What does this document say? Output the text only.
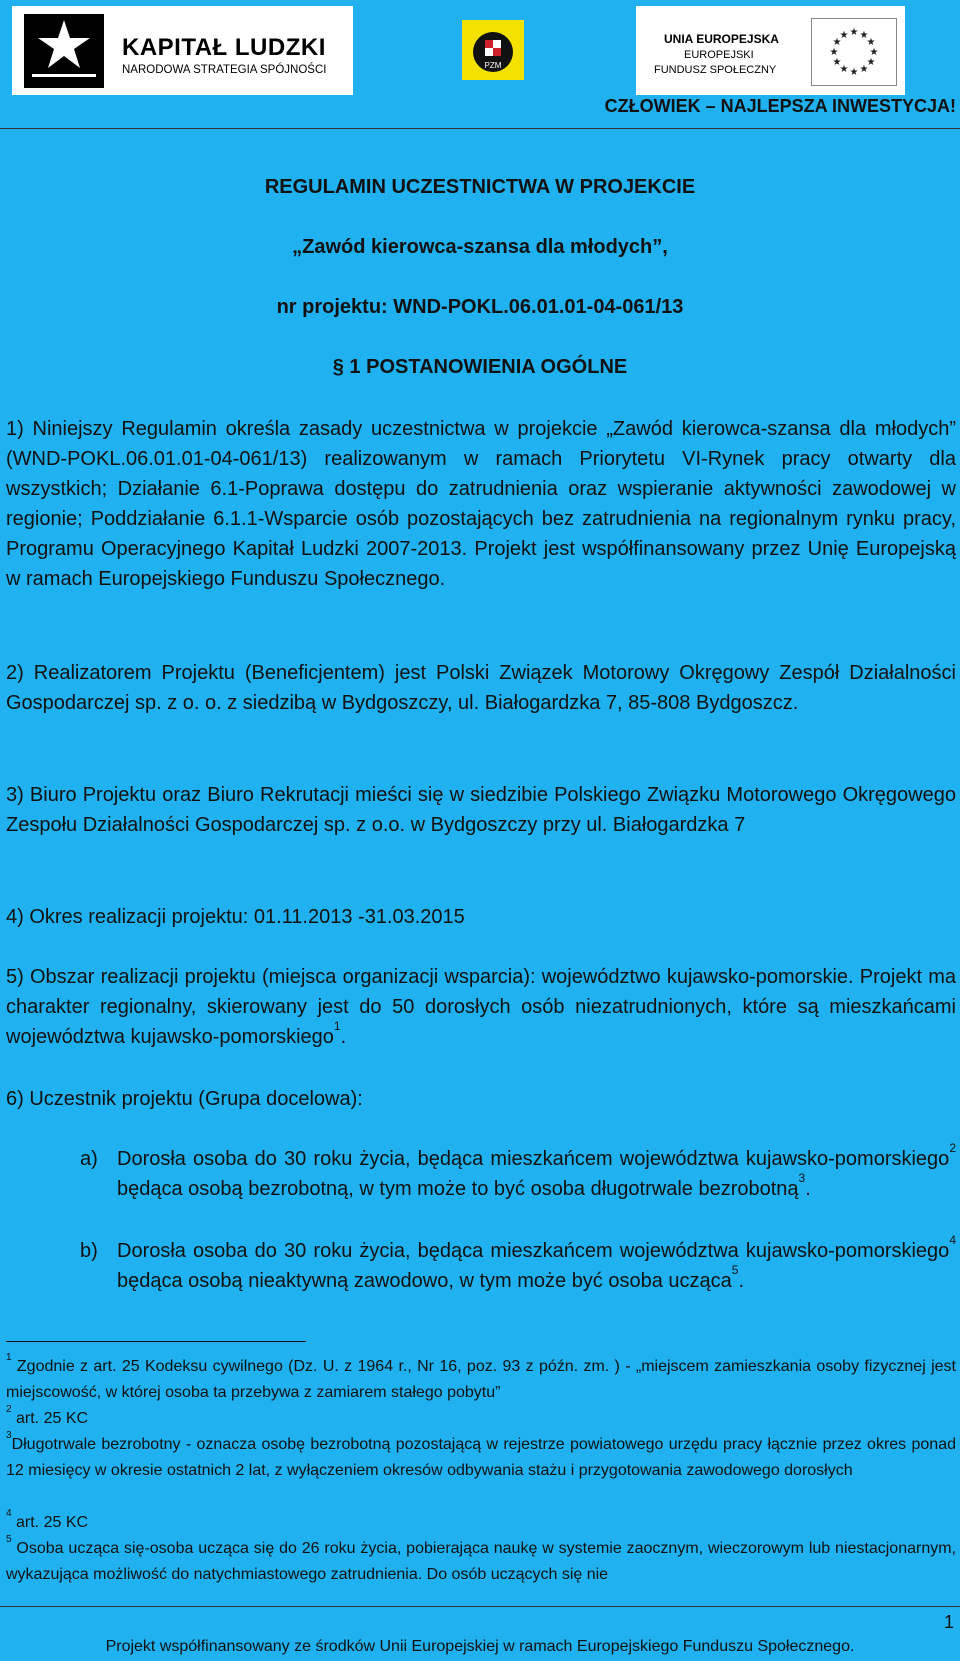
KAPITAŁ LUDZKI
NARODOWA STRATEGIA SPÓJNOŚCI	PZM
UNIA EUROPEJSKA
EUROPEJSKI
FUNDUSZ SPOŁECZNY
★ ★
★
★
★
★
★
★
★
★
★
★
CZŁOWIEK – NAJLEPSZA INWESTYCJA!
REGULAMIN UCZESTNICTWA W PROJEKCIE
„Zawód kierowca-szansa dla młodych”,
nr projektu: WND-POKL.06.01.01-04-061/13
§ 1 POSTANOWIENIA OGÓLNE

1) Niniejszy Regulamin określa zasady uczestnictwa w projekcie „Zawód kierowca-szansa dla młodych” (WND-POKL.06.01.01-04-061/13) realizowanym w ramach Priorytetu VI-Rynek pracy otwarty dla wszystkich; Działanie 6.1-Poprawa dostępu do zatrudnienia oraz wspieranie aktywności zawodowej w regionie; Poddziałanie 6.1.1-Wsparcie osób pozostających bez zatrudnienia na regionalnym rynku pracy, Programu Operacyjnego Kapitał Ludzki 2007-2013. Projekt jest współfinansowany przez Unię Europejską w ramach Europejskiego Funduszu Społecznego.

2) Realizatorem Projektu (Beneficjentem) jest Polski Związek Motorowy Okręgowy Zespół Działalności Gospodarczej sp. z o. o. z siedzibą w Bydgoszczy, ul. Białogardzka 7, 85-808 Bydgoszcz.

3) Biuro Projektu oraz Biuro Rekrutacji mieści się w siedzibie Polskiego Związku Motorowego Okręgowego Zespołu Działalności Gospodarczej sp. z o.o. w Bydgoszczy przy ul. Białogardzka 7

4) Okres realizacji projektu: 01.11.2013 -31.03.2015

5) Obszar realizacji projektu (miejsca organizacji wsparcia): województwo kujawsko-pomorskie. Projekt ma charakter regionalny, skierowany jest do 50 dorosłych osób niezatrudnionych, które są mieszkańcami województwa kujawsko-pomorskiego$^1$.

6) Uczestnik projektu (Grupa docelowa):

a) Dorosła osoba do 30 roku życia, będąca mieszkańcem województwa kujawsko-pomorskiego$^2$ będąca osobą bezrobotną, w tym może to być osoba długotrwale bezrobotną$^3$.
b) Dorosła osoba do 30 roku życia, będąca mieszkańcem województwa kujawsko-pomorskiego$^4$ będąca osobą nieaktywną zawodowo, w tym może być osoba ucząca$^5$.

$^1$ Zgodnie z art. 25 Kodeksu cywilnego (Dz. U. z 1964 r., Nr 16, poz. 93 z późn. zm. ) - „miejscem zamieszkania osoby fizycznej jest miejscowość, w której osoba ta przebywa z zamiarem stałego pobytu”

$^2$ art. 25 KC

$^3$Długotrwale bezrobotny - oznacza osobę bezrobotną pozostającą w rejestrze powiatowego urzędu pracy łącznie przez okres ponad 12 miesięcy w okresie ostatnich 2 lat, z wyłączeniem okresów odbywania stażu i przygotowania zawodowego dorosłych

$^4$ art. 25 KC

$^5$ Osoba ucząca się-osoba ucząca się do 26 roku życia, pobierająca naukę w systemie zaocznym, wieczorowym lub niestacjonarnym, wykazująca możliwość do natychmiastowego zatrudnienia. Do osób uczących się nie

1
Projekt współfinansowany ze środków Unii Europejskiej w ramach Europejskiego Funduszu Społecznego.
